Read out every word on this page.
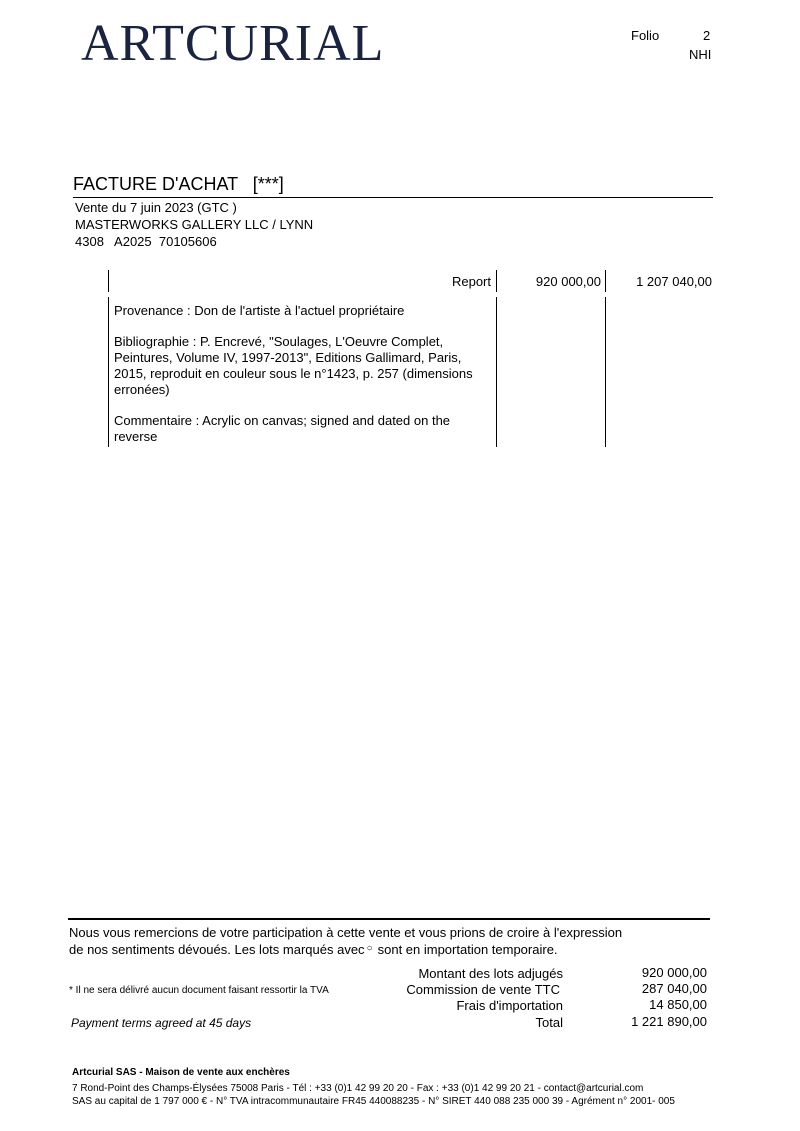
ARTCURIAL	Folio	2
NHI
FACTURE D'ACHAT   [***]
Vente du 7 juin 2023 (GTC )
MASTERWORKS GALLERY LLC / LYNN
4308   A2025  70105606
Report	920 000,00	1 207 040,00

Provenance : Don de l'artiste à l'actuel propriétaire

Bibliographie : P. Encrevé, "Soulages, L'Oeuvre Complet, Peintures, Volume IV, 1997-2013", Editions Gallimard, Paris, 2015, reproduit en couleur sous le n°1423, p. 257 (dimensions erronées)

Commentaire : Acrylic on canvas; signed and dated on the reverse

Nous vous remercions de votre participation à cette vente et vous prions de croire à l'expression
de nos sentiments dévoués. Les lots marqués avec ○ sont en importation temporaire.
* Il ne sera délivré aucun document faisant ressortir la TVA
Payment terms agreed at 45 days
Montant des lots adjugés	920 000,00
Commission de vente TTC	287 040,00
Frais d'importation	14 850,00
Total	1 221 890,00
Artcurial SAS - Maison de vente aux enchères
7 Rond-Point des Champs-Élysées 75008 Paris - Tél : +33 (0)1 42 99 20 20 - Fax : +33 (0)1 42 99 20 21 - contact@artcurial.com
SAS au capital de 1 797 000 € - N° TVA intracommunautaire FR45 440088235 - N° SIRET 440 088 235 000 39 - Agrément n° 2001- 005
